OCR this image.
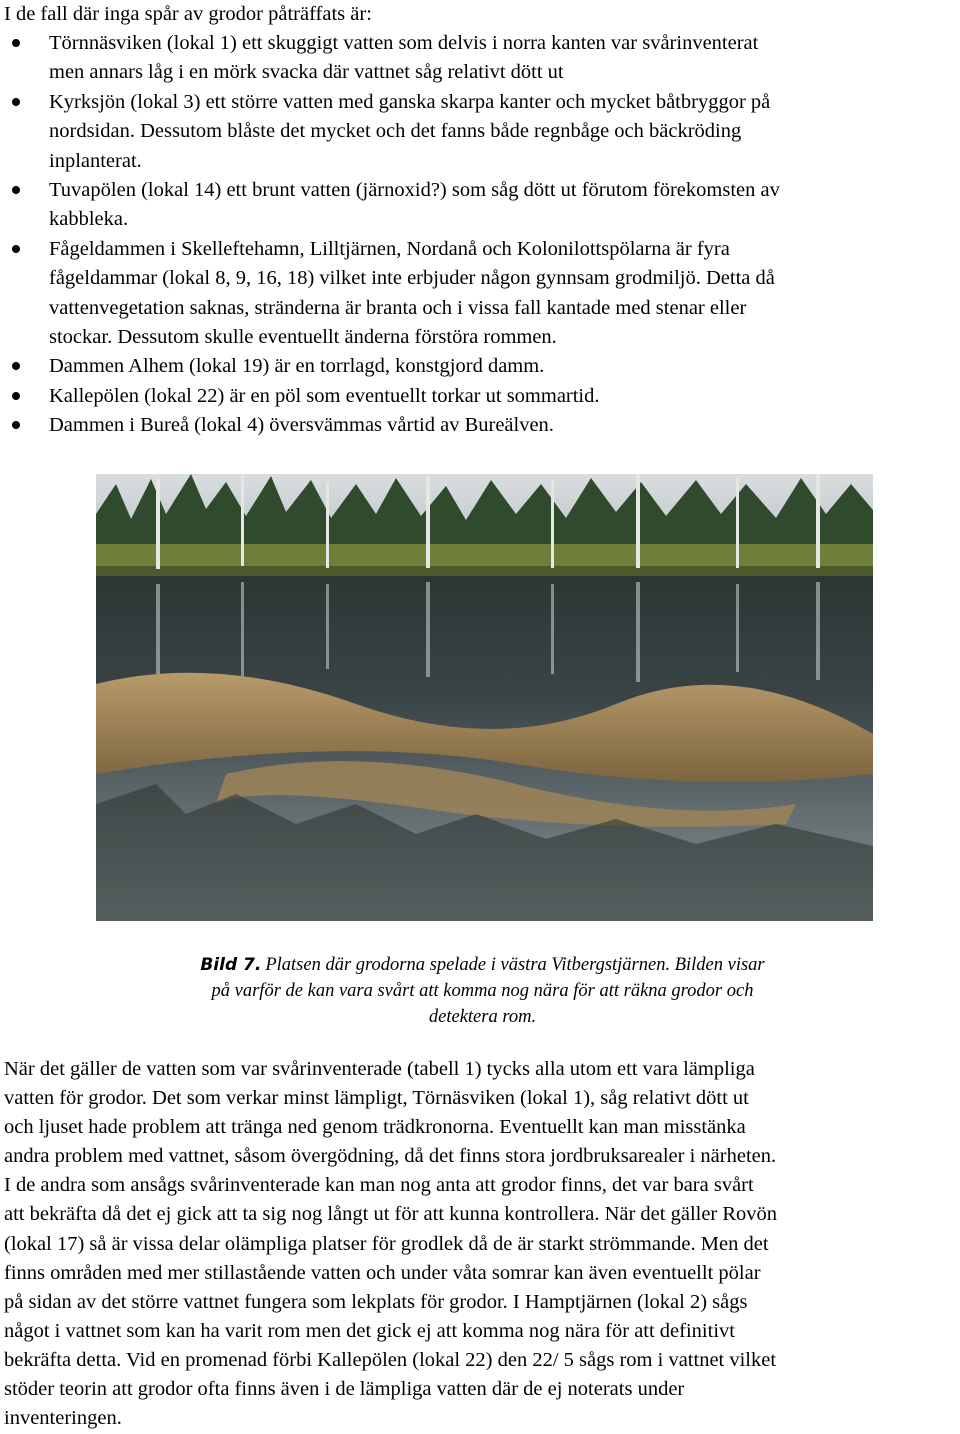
I de fall där inga spår av grodor påträffats är:
Törnnäsviken (lokal 1) ett skuggigt vatten som delvis i norra kanten var svårinventerat
men annars låg i en mörk svacka där vattnet såg relativt dött ut
Kyrksjön (lokal 3) ett större vatten med ganska skarpa kanter och mycket båtbryggor på
nordsidan. Dessutom blåste det mycket och det fanns både regnbåge och bäckröding
inplanterat.
Tuvapölen (lokal 14) ett brunt vatten (järnoxid?) som såg dött ut förutom förekomsten av
kabbleka.
Fågeldammen i Skelleftehamn, Lilltjärnen, Nordanå och Kolonilottspölarna är fyra
fågeldammar (lokal 8, 9, 16, 18) vilket inte erbjuder någon gynnsam grodmiljö. Detta då
vattenvegetation saknas, stränderna är branta och i vissa fall kantade med stenar eller
stockar. Dessutom skulle eventuellt änderna förstöra rommen.
Dammen Alhem (lokal 19) är en torrlagd, konstgjord damm.
Kallepölen (lokal 22) är en pöl som eventuellt torkar ut sommartid.
Dammen i Bureå (lokal 4) översvämmas vårtid av Bureälven.
Bild 7. Platsen där grodorna spelade i västra Vitbergstjärnen. Bilden visar
på varför de kan vara svårt att komma nog nära för att räkna grodor och
detektera rom.
När det gäller de vatten som var svårinventerade (tabell 1) tycks alla utom ett vara lämpliga
vatten för grodor. Det som verkar minst lämpligt, Törnäsviken (lokal 1), såg relativt dött ut
och ljuset hade problem att tränga ned genom trädkronorna. Eventuellt kan man misstänka
andra problem med vattnet, såsom övergödning, då det finns stora jordbruksarealer i närheten.
I de andra som ansågs svårinventerade kan man nog anta att grodor finns, det var bara svårt
att bekräfta då det ej gick att ta sig nog långt ut för att kunna kontrollera. När det gäller Rovön
(lokal 17) så är vissa delar olämpliga platser för grodlek då de är starkt strömmande. Men det
finns områden med mer stillastående vatten och under våta somrar kan även eventuellt pölar
på sidan av det större vattnet fungera som lekplats för grodor. I Hamptjärnen (lokal 2) sågs
något i vattnet som kan ha varit rom men det gick ej att komma nog nära för att definitivt
bekräfta detta. Vid en promenad förbi Kallepölen (lokal 22) den 22/ 5 sågs rom i vattnet vilket
stöder teorin att grodor ofta finns även i de lämpliga vatten där de ej noterats under
inventeringen.
